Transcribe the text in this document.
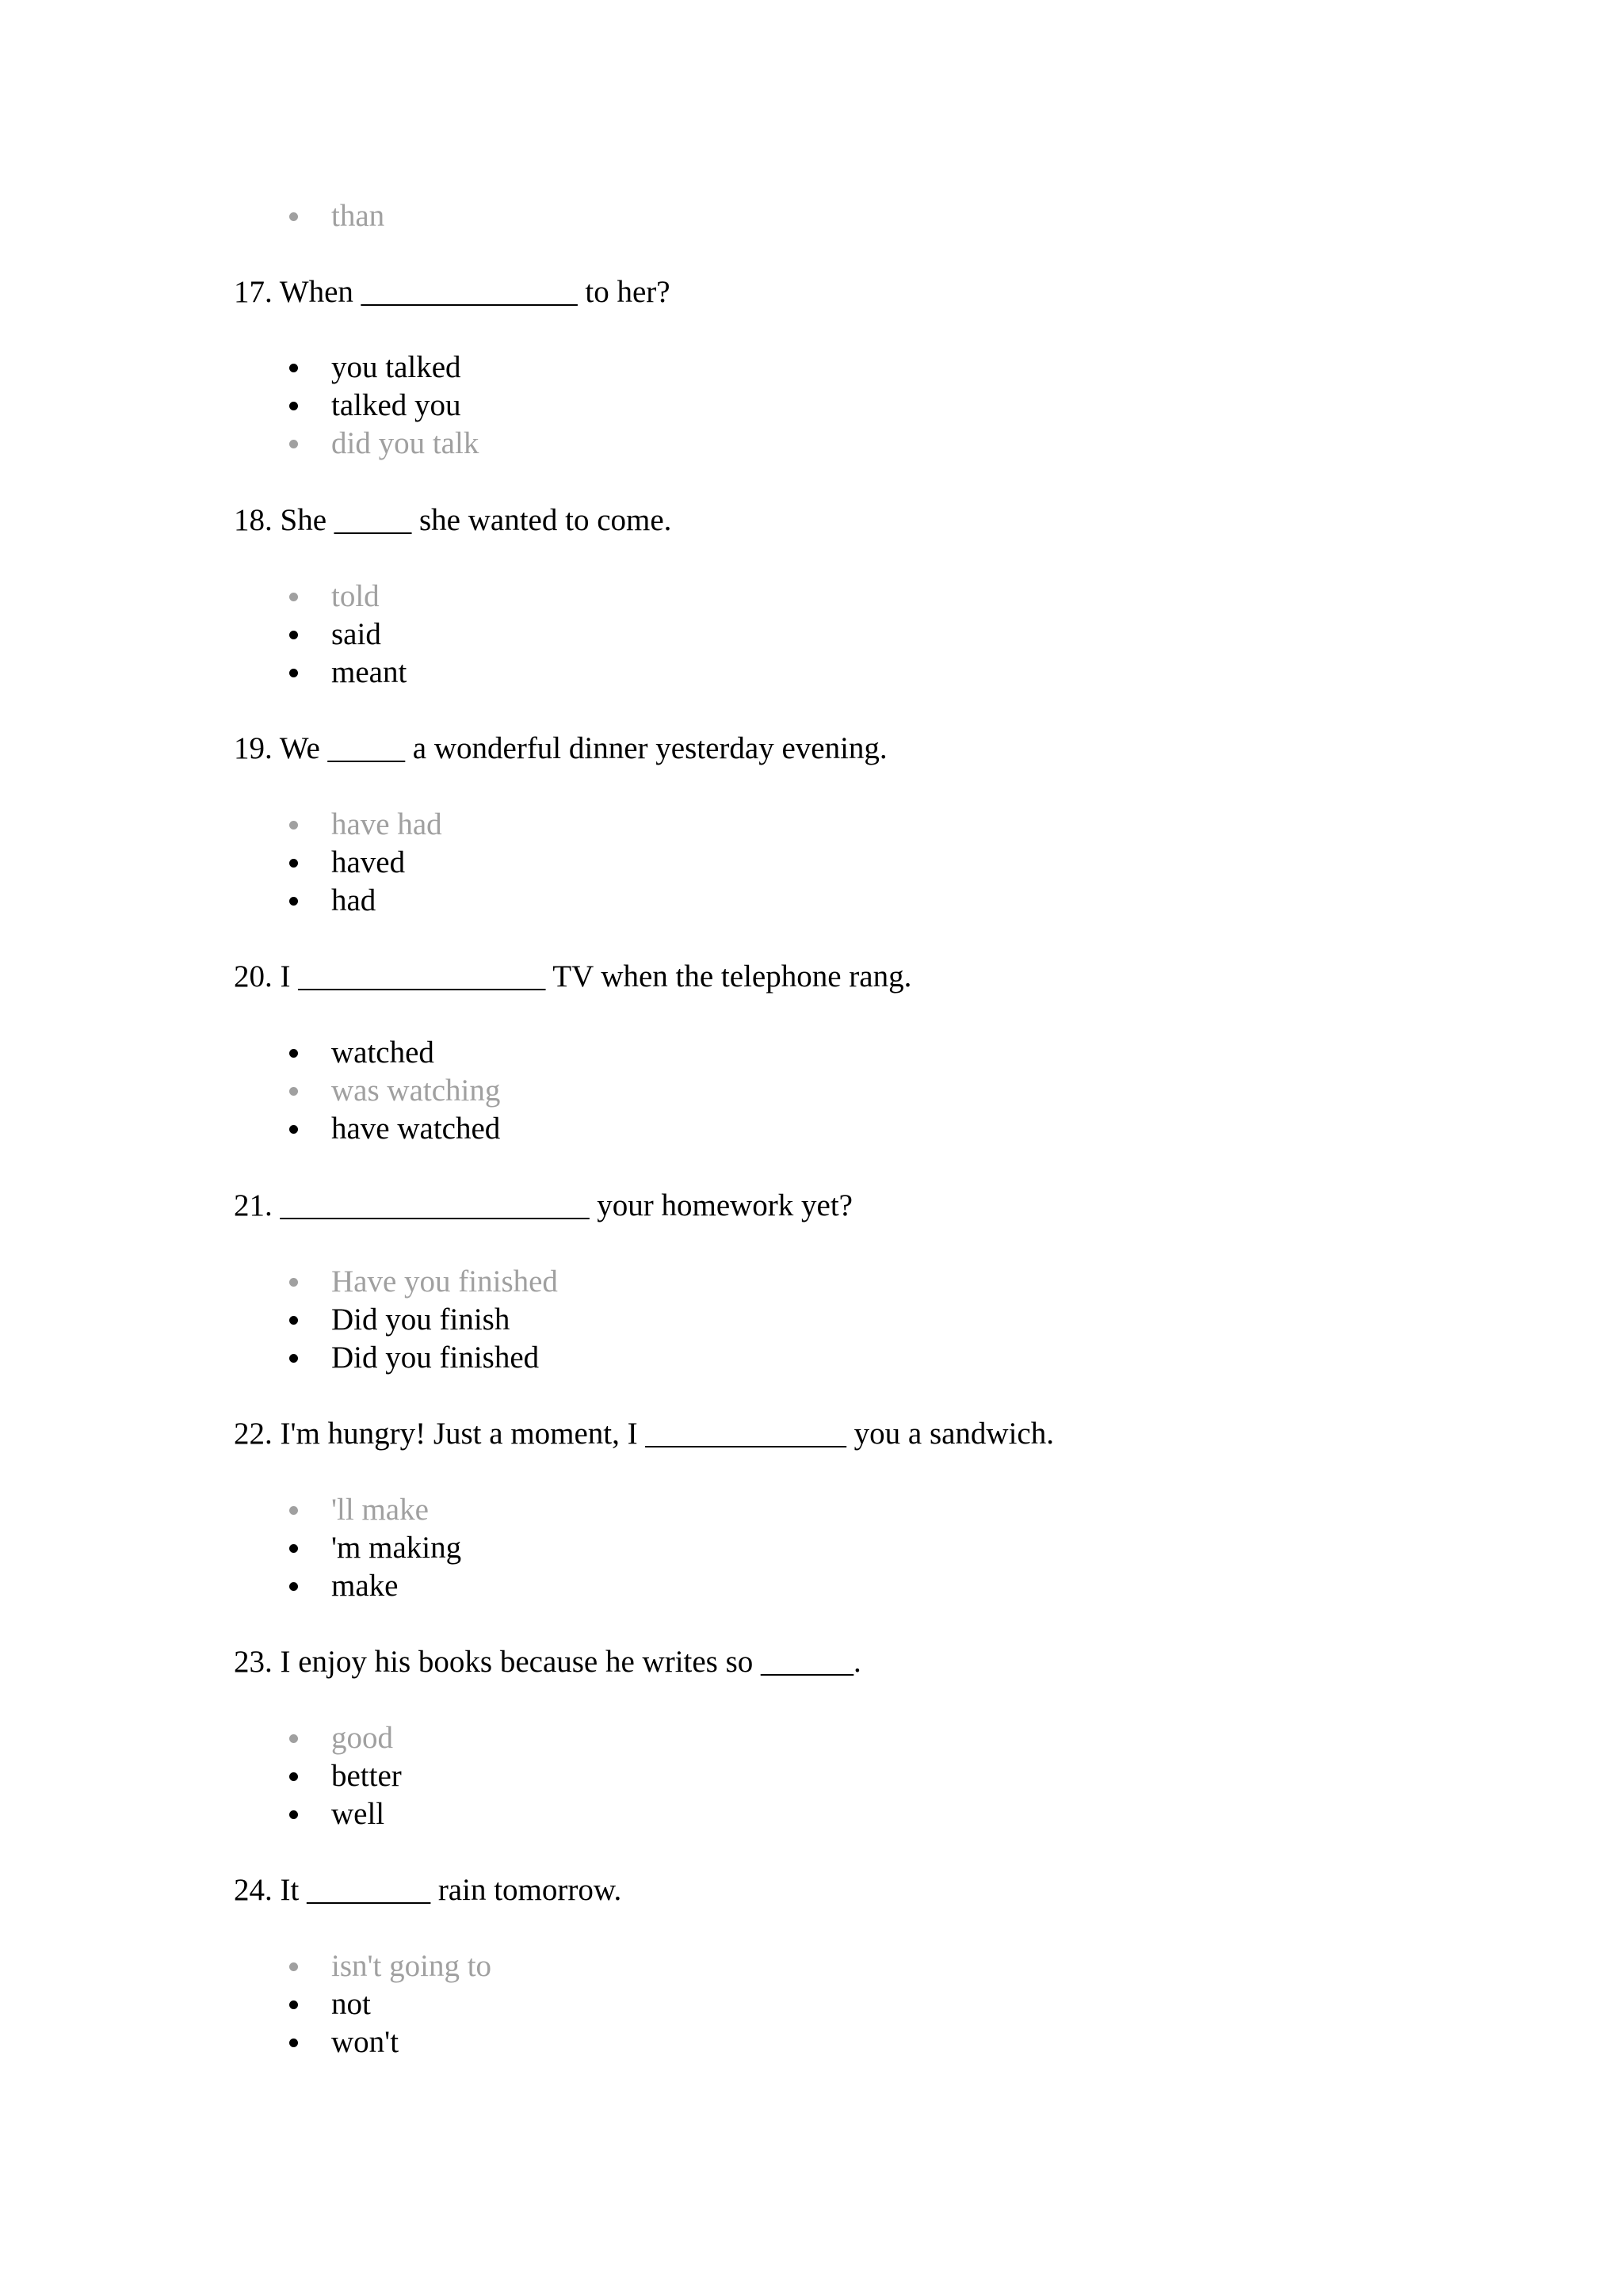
than
17. When ______________ to her?
you talked
talked you
did you talk
18. She _____ she wanted to come.
told
said
meant
19. We _____ a wonderful dinner yesterday evening.
have had
haved
had
20. I ________________ TV when the telephone rang.
watched
was watching
have watched
21. ____________________ your homework yet?
Have you finished
Did you finish
Did you finished
22. I'm hungry! Just a moment, I _____________ you a sandwich.
'll make
'm making
make
23. I enjoy his books because he writes so ______.
good
better
well
24. It ________ rain tomorrow.
isn't going to
not
won't
